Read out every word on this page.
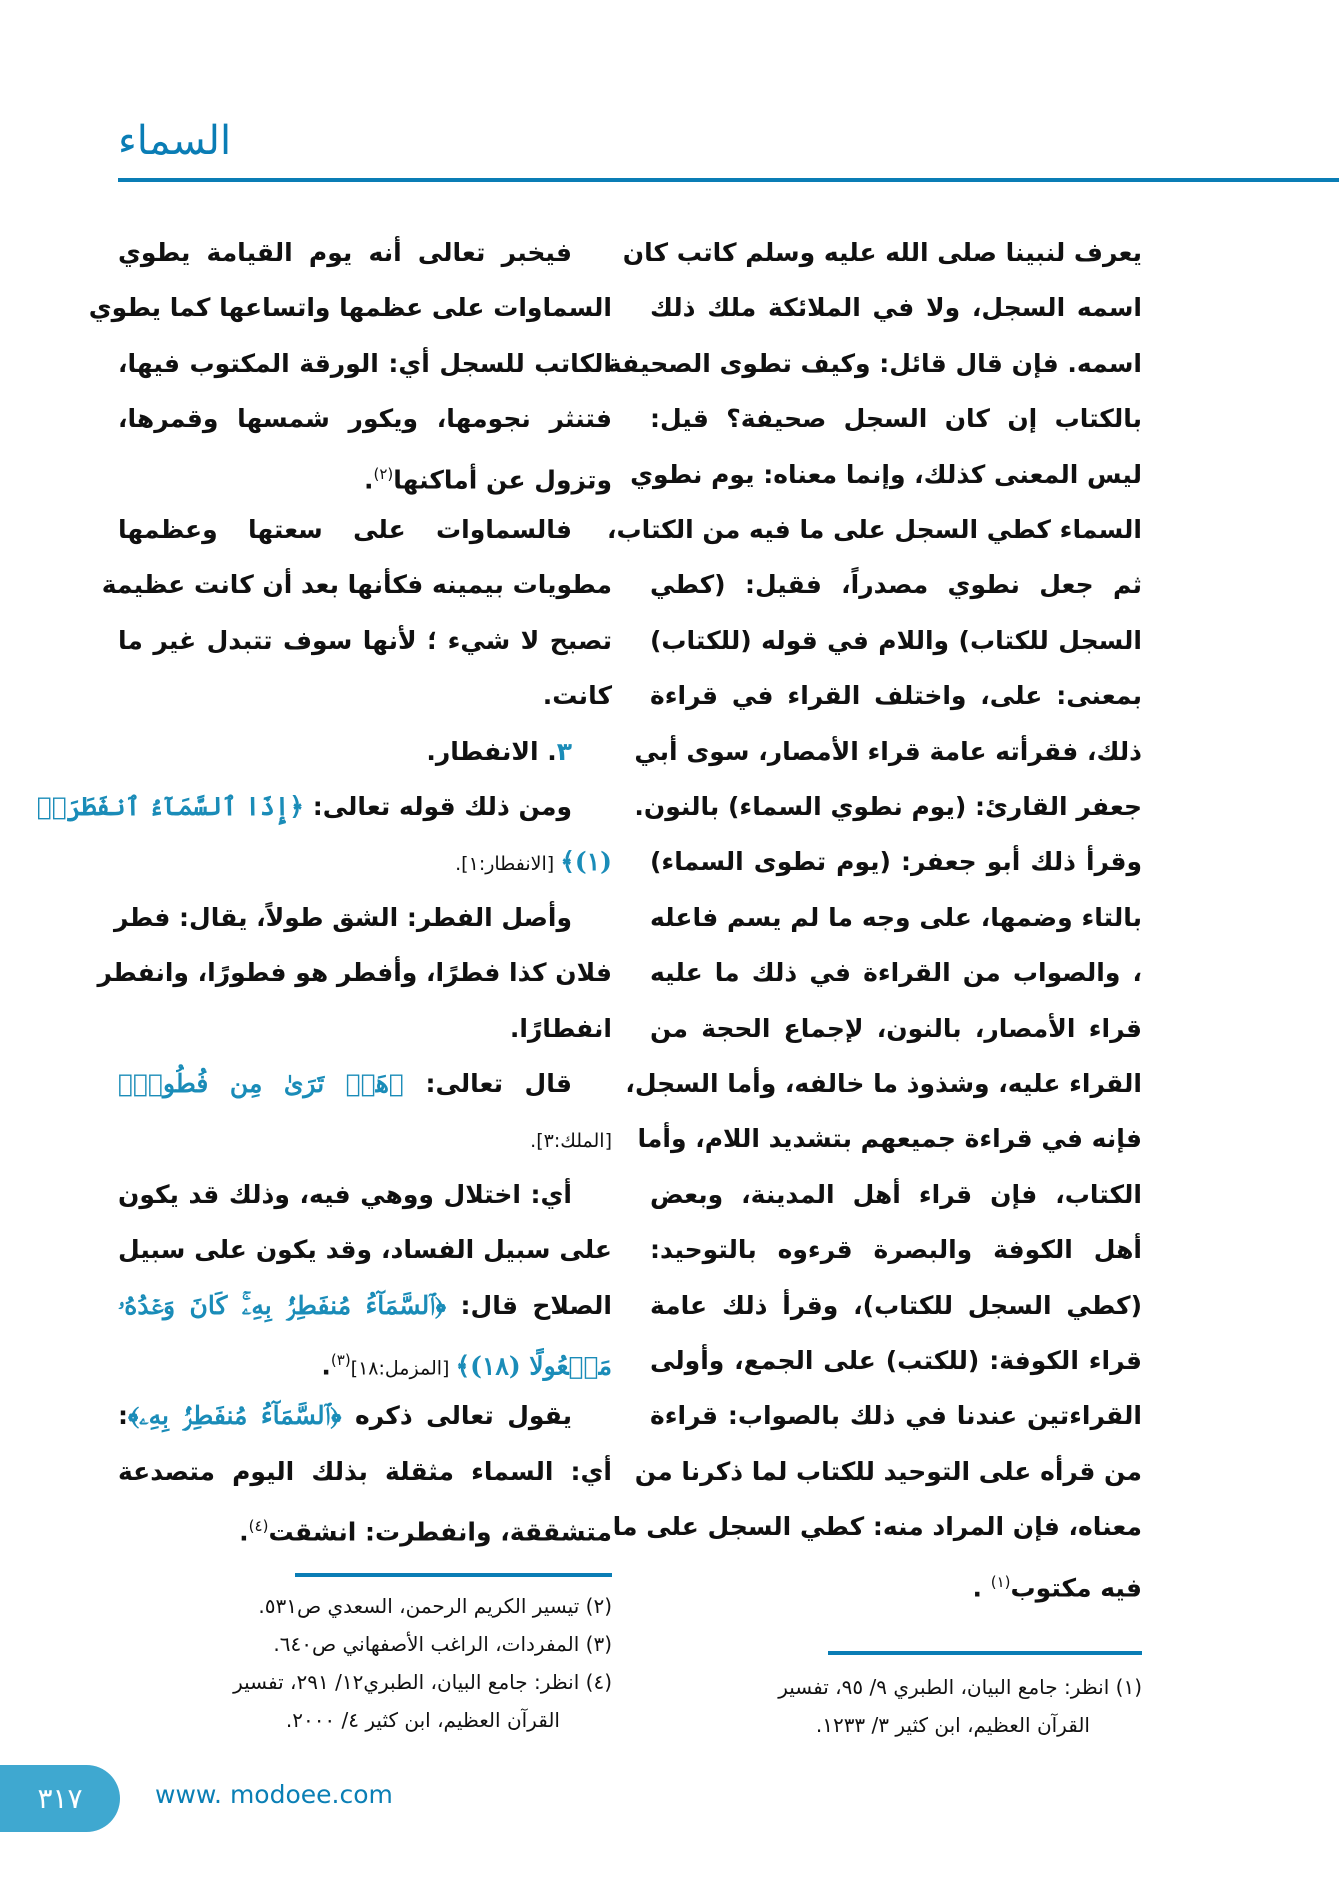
السماء
يعرف لنبينا صلى الله عليه وسلم كاتب كان
اسمه السجل، ولا في الملائكة ملك ذلك
اسمه. فإن قال قائل: وكيف تطوى الصحيفة
بالكتاب إن كان السجل صحيفة؟ قيل:
ليس المعنى كذلك، وإنما معناه: يوم نطوي
السماء كطي السجل على ما فيه من الكتاب،
ثم جعل نطوي مصدراً، فقيل: (كطي
السجل للكتاب) واللام في قوله (للكتاب)
بمعنى: على، واختلف القراء في قراءة
ذلك، فقرأته عامة قراء الأمصار، سوى أبي
جعفر القارئ: (يوم نطوي السماء) بالنون.
وقرأ ذلك أبو جعفر: (يوم تطوى السماء)
بالتاء وضمها، على وجه ما لم يسم فاعله
، والصواب من القراءة في ذلك ما عليه
قراء الأمصار، بالنون، لإجماع الحجة من
القراء عليه، وشذوذ ما خالفه، وأما السجل،
فإنه في قراءة جميعهم بتشديد اللام، وأما
الكتاب، فإن قراء أهل المدينة، وبعض
أهل الكوفة والبصرة قرءوه بالتوحيد:
(كطي السجل للكتاب)، وقرأ ذلك عامة
قراء الكوفة: (للكتب) على الجمع، وأولى
القراءتين عندنا في ذلك بالصواب: قراءة
من قرأه على التوحيد للكتاب لما ذكرنا من
معناه، فإن المراد منه: كطي السجل على ما
فيه مكتوب$^{(١)}$ .
فيخبر تعالى أنه يوم القيامة يطوي
السماوات على عظمها واتساعها كما يطوي
الكاتب للسجل أي: الورقة المكتوب فيها،
فتنثر نجومها، ويكور شمسها وقمرها،
وتزول عن أماكنها$^{(٢)}$.
فالسماوات على سعتها وعظمها
مطويات بيمينه فكأنها بعد أن كانت عظيمة
تصبح لا شيء ؛ لأنها سوف تتبدل غير ما
كانت.
٣. الانفطار.
ومن ذلك قوله تعالى: ﴿إِذَا ٱلسَّمَآءُ ٱنفَطَرَتۡ
(١)﴾ [الانفطار:١].
وأصل الفطر: الشق طولاً، يقال: فطر
فلان كذا فطرًا، وأفطر هو فطورًا، وانفطر
انفطارًا.
قال تعالى: ﴿هَلۡ تَرَىٰ مِن فُطُورٖ﴾
[الملك:٣].
أي: اختلال ووهي فيه، وذلك قد يكون
على سبيل الفساد، وقد يكون على سبيل
الصلاح قال: ﴿ٱلسَّمَآءُ مُنفَطِرُۢ بِهِۦۚ كَانَ وَعۡدُهُۥ
مَفۡعُولًا (١٨)﴾ [المزمل:١٨]$^{(٣)}$.
يقول تعالى ذكره ﴿ٱلسَّمَآءُ مُنفَطِرُۢ بِهِۦ﴾:
أي: السماء مثقلة بذلك اليوم متصدعة
متشققة، وانفطرت: انشقت$^{(٤)}$.
(٢) تيسير الكريم الرحمن، السعدي ص٥٣١.
(٣) المفردات، الراغب الأصفهاني ص٦٤٠.
(٤) انظر: جامع البيان، الطبري١٢/ ٢٩١، تفسير
القرآن العظيم، ابن كثير ٤/ ٢٠٠٠.
(١) انظر: جامع البيان، الطبري ٩/ ٩٥، تفسير
القرآن العظيم، ابن كثير ٣/ ١٢٣٣.
٣١٧	www. modoee.com
